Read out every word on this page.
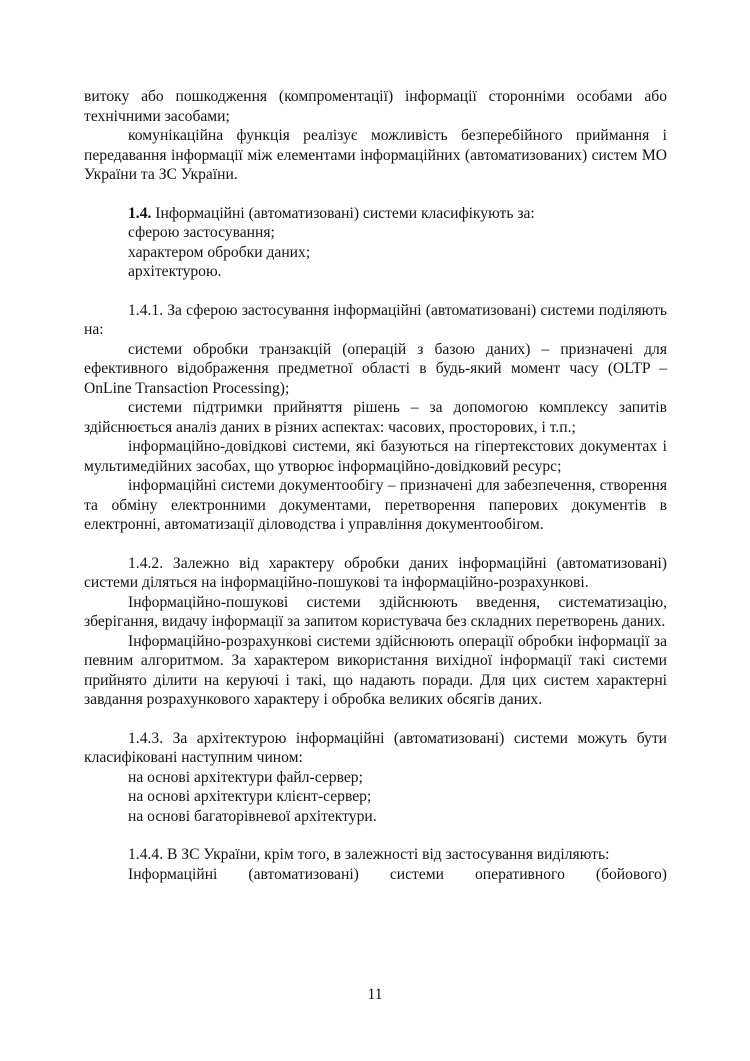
витоку або пошкодження (компроментації) інформації сторонніми особами або технічними засобами;

комунікаційна функція реалізує можливість безперебійного приймання і передавання інформації між елементами інформаційних (автоматизованих) систем МО України та ЗС України.

1.4. Інформаційні (автоматизовані) системи класифікують за:

сферою застосування;

характером обробки даних;

архітектурою.

1.4.1. За сферою застосування інформаційні (автоматизовані) системи поділяють на:

системи обробки транзакцій (операцій з базою даних) – призначені для ефективного відображення предметної області в будь-який момент часу (OLTP – OnLine Transaction Processing);

системи підтримки прийняття рішень – за допомогою комплексу запитів здійснюється аналіз даних в різних аспектах: часових, просторових, і т.п.;

інформаційно-довідкові системи, які базуються на гіпертекстових документах і мультимедійних засобах, що утворює інформаційно-довідковий ресурс;

інформаційні системи документообігу – призначені для забезпечення, створення та обміну електронними документами, перетворення паперових документів в електронні, автоматизації діловодства і управління документообігом.

1.4.2. Залежно від характеру обробки даних інформаційні (автоматизовані) системи діляться на інформаційно-пошукові та інформаційно-розрахункові.

Інформаційно-пошукові системи здійснюють введення, систематизацію, зберігання, видачу інформації за запитом користувача без складних перетворень даних.

Інформаційно-розрахункові системи здійснюють операції обробки інформації за певним алгоритмом. За характером використання вихідної інформації такі системи прийнято ділити на керуючі і такі, що надають поради. Для цих систем характерні завдання розрахункового характеру і обробка великих обсягів даних.

1.4.3. За архітектурою інформаційні (автоматизовані) системи можуть бути класифіковані наступним чином:

на основі архітектури файл-сервер;

на основі архітектури клієнт-сервер;

на основі багаторівневої архітектури.

1.4.4. В ЗС України, крім того, в залежності від застосування виділяють:

Інформаційні (автоматизовані) системи оперативного (бойового)

11
